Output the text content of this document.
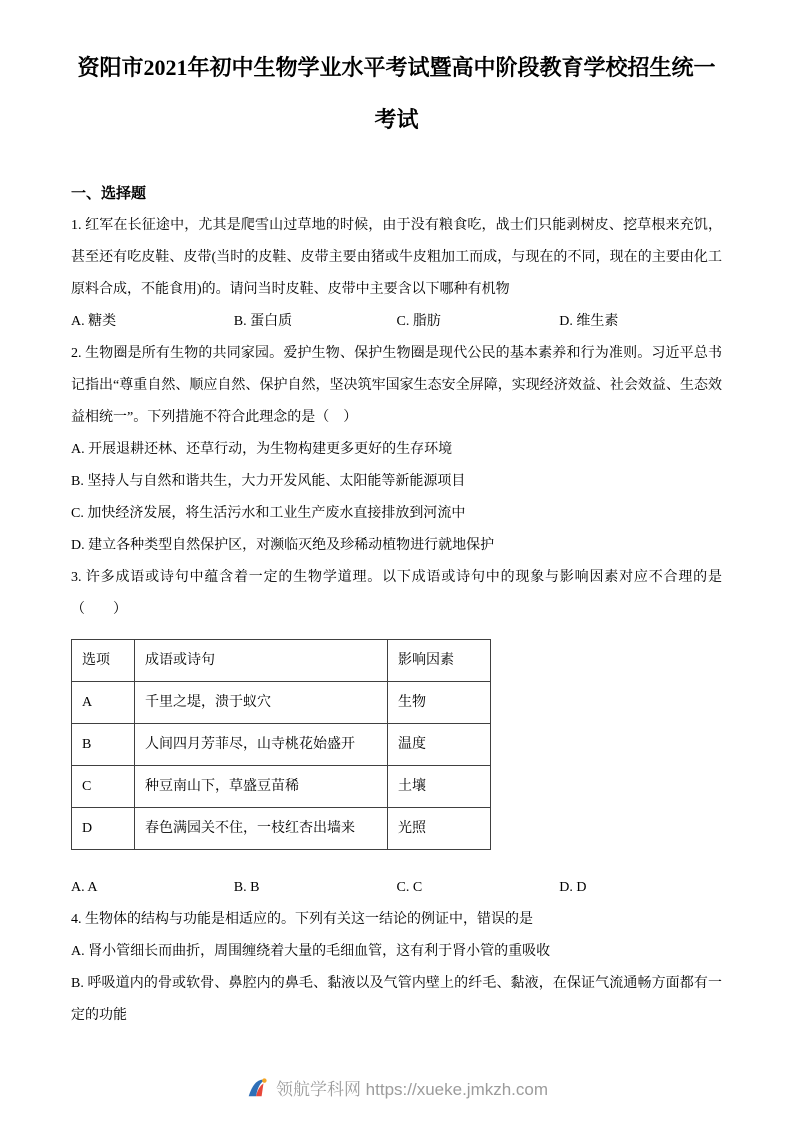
资阳市2021年初中生物学业水平考试暨高中阶段教育学校招生统一考试
一、选择题

1. 红军在长征途中，尤其是爬雪山过草地的时候，由于没有粮食吃，战士们只能剥树皮、挖草根来充饥，甚至还有吃皮鞋、皮带(当时的皮鞋、皮带主要由猪或牛皮粗加工而成，与现在的不同，现在的主要由化工原料合成，不能食用)的。请问当时皮鞋、皮带中主要含以下哪种有机物

A. 糖类	B. 蛋白质	C. 脂肪	D. 维生素

2. 生物圈是所有生物的共同家园。爱护生物、保护生物圈是现代公民的基本素养和行为准则。习近平总书记指出“尊重自然、顺应自然、保护自然，坚决筑牢国家生态安全屏障，实现经济效益、社会效益、生态效益相统一”。下列措施不符合此理念的是（　）

A. 开展退耕还林、还草行动，为生物构建更多更好的生存环境

B. 坚持人与自然和谐共生，大力开发风能、太阳能等新能源项目

C. 加快经济发展，将生活污水和工业生产废水直接排放到河流中

D. 建立各种类型自然保护区，对濒临灭绝及珍稀动植物进行就地保护

3. 许多成语或诗句中蕴含着一定的生物学道理。以下成语或诗句中的现象与影响因素对应不合理的是（　　）

选项	成语或诗句	影响因素
A	千里之堤，溃于蚁穴	生物
B	人间四月芳菲尽，山寺桃花始盛开	温度
C	种豆南山下，草盛豆苗稀	土壤
D	春色满园关不住，一枝红杏出墙来	光照
A. A	B. B	C. C	D. D

4. 生物体的结构与功能是相适应的。下列有关这一结论的例证中，错误的是

A. 肾小管细长而曲折，周围缠绕着大量的毛细血管，这有利于肾小管的重吸收

B. 呼吸道内的骨或软骨、鼻腔内的鼻毛、黏液以及气管内壁上的纤毛、黏液，在保证气流通畅方面都有一定的功能

领航学科网 https://xueke.jmkzh.com
